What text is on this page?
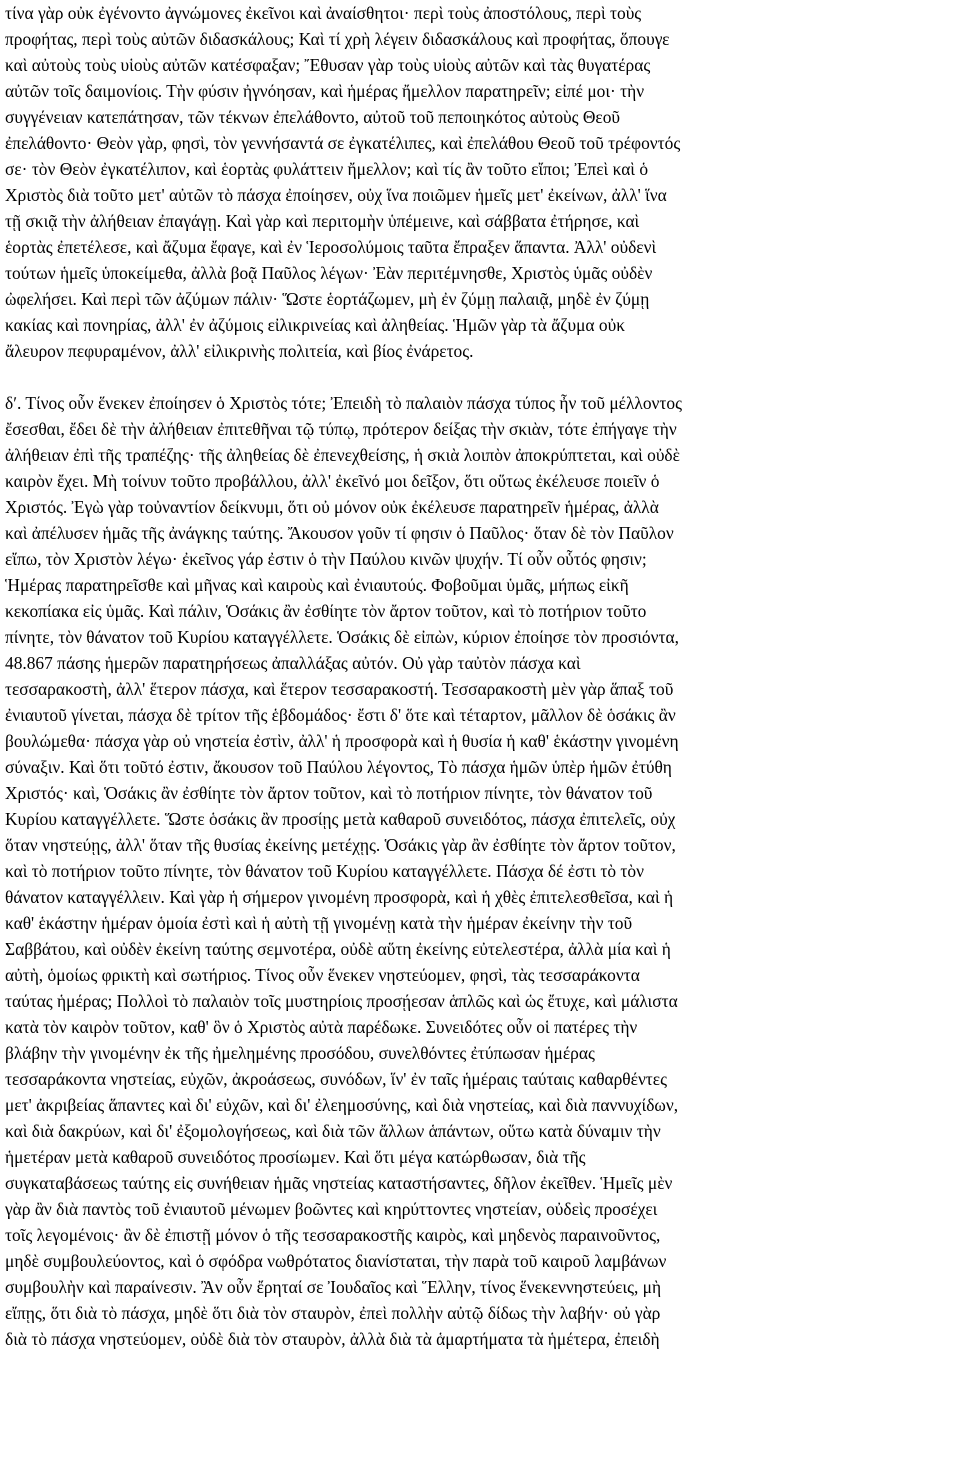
τίνα γὰρ οὐκ ἐγένοντο ἀγνώμονες ἐκεῖνοι καὶ ἀναίσθητοι· περὶ τοὺς ἀποστόλους, περὶ τοὺς
προφήτας, περὶ τοὺς αὐτῶν διδασκάλους; Καὶ τί χρὴ λέγειν διδασκάλους καὶ προφήτας, ὅπουγε
καὶ αὐτοὺς τοὺς υἱοὺς αὐτῶν κατέσφαξαν; Ἔθυσαν γὰρ τοὺς υἱοὺς αὐτῶν καὶ τὰς θυγατέρας
αὐτῶν τοῖς δαιμονίοις. Τὴν φύσιν ἠγνόησαν, καὶ ἡμέρας ἤμελλον παρατηρεῖν; εἰπέ μοι· τὴν
συγγένειαν κατεπάτησαν, τῶν τέκνων ἐπελάθοντο, αὐτοῦ τοῦ πεποιηκότος αὐτοὺς Θεοῦ
ἐπελάθοντο· Θεὸν γὰρ, φησὶ, τὸν γεννήσαντά σε ἐγκατέλιπες, καὶ ἐπελάθου Θεοῦ τοῦ τρέφοντός
σε· τὸν Θεὸν ἐγκατέλιπον, καὶ ἑορτὰς φυλάττειν ἤμελλον; καὶ τίς ἂν τοῦτο εἴποι; Ἐπεὶ καὶ ὁ
Χριστὸς διὰ τοῦτο μετ' αὐτῶν τὸ πάσχα ἐποίησεν, οὐχ ἵνα ποιῶμεν ἡμεῖς μετ' ἐκείνων, ἀλλ' ἵνα
τῇ σκιᾷ τὴν ἀλήθειαν ἐπαγάγῃ. Καὶ γὰρ καὶ περιτομὴν ὑπέμεινε, καὶ σάββατα ἐτήρησε, καὶ
ἑορτὰς ἐπετέλεσε, καὶ ἄζυμα ἔφαγε, καὶ ἐν Ἱεροσολύμοις ταῦτα ἔπραξεν ἅπαντα. Ἀλλ' οὐδενὶ
τούτων ἡμεῖς ὑποκείμεθα, ἀλλὰ βοᾷ Παῦλος λέγων· Ἐὰν περιτέμνησθε, Χριστὸς ὑμᾶς οὐδὲν
ὠφελήσει. Καὶ περὶ τῶν ἀζύμων πάλιν· Ὥστε ἑορτάζωμεν, μὴ ἐν ζύμῃ παλαιᾷ, μηδὲ ἐν ζύμῃ
κακίας καὶ πονηρίας, ἀλλ' ἐν ἀζύμοις εἰλικρινείας καὶ ἀληθείας. Ἡμῶν γὰρ τὰ ἄζυμα οὐκ
ἄλευρον πεφυραμένον, ἀλλ' εἰλικρινὴς πολιτεία, καὶ βίος ἐνάρετος.
δʹ. Τίνος οὖν ἕνεκεν ἐποίησεν ὁ Χριστὸς τότε; Ἐπειδὴ τὸ παλαιὸν πάσχα τύπος ἦν τοῦ μέλλοντος
ἔσεσθαι, ἔδει δὲ τὴν ἀλήθειαν ἐπιτεθῆναι τῷ τύπῳ, πρότερον δείξας τὴν σκιὰν, τότε ἐπήγαγε τὴν
ἀλήθειαν ἐπὶ τῆς τραπέζης· τῆς ἀληθείας δὲ ἐπενεχθείσης, ἡ σκιὰ λοιπὸν ἀποκρύπτεται, καὶ οὐδὲ
καιρὸν ἔχει. Μὴ τοίνυν τοῦτο προβάλλου, ἀλλ' ἐκεῖνό μοι δεῖξον, ὅτι οὕτως ἐκέλευσε ποιεῖν ὁ
Χριστός. Ἐγὼ γὰρ τοὐναντίον δείκνυμι, ὅτι οὐ μόνον οὐκ ἐκέλευσε παρατηρεῖν ἡμέρας, ἀλλὰ
καὶ ἀπέλυσεν ἡμᾶς τῆς ἀνάγκης ταύτης. Ἄκουσον γοῦν τί φησιν ὁ Παῦλος· ὅταν δὲ τὸν Παῦλον
εἴπω, τὸν Χριστὸν λέγω· ἐκεῖνος γάρ ἐστιν ὁ τὴν Παύλου κινῶν ψυχήν. Τί οὖν οὗτός φησιν;
Ἡμέρας παρατηρεῖσθε καὶ μῆνας καὶ καιροὺς καὶ ἐνιαυτούς. Φοβοῦμαι ὑμᾶς, μήπως εἰκῆ
κεκοπίακα εἰς ὑμᾶς. Καὶ πάλιν, Ὁσάκις ἂν ἐσθίητε τὸν ἄρτον τοῦτον, καὶ τὸ ποτήριον τοῦτο
πίνητε, τὸν θάνατον τοῦ Κυρίου καταγγέλλετε. Ὁσάκις δὲ εἰπὼν, κύριον ἐποίησε τὸν προσιόντα,
48.867 πάσης ἡμερῶν παρατηρήσεως ἀπαλλάξας αὐτόν. Οὐ γὰρ ταὐτὸν πάσχα καὶ
τεσσαρακοστὴ, ἀλλ' ἕτερον πάσχα, καὶ ἕτερον τεσσαρακοστή. Τεσσαρακοστὴ μὲν γὰρ ἅπαξ τοῦ
ἐνιαυτοῦ γίνεται, πάσχα δὲ τρίτον τῆς ἑβδομάδος· ἔστι δ' ὅτε καὶ τέταρτον, μᾶλλον δὲ ὁσάκις ἂν
βουλώμεθα· πάσχα γὰρ οὐ νηστεία ἐστὶν, ἀλλ' ἡ προσφορὰ καὶ ἡ θυσία ἡ καθ' ἑκάστην γινομένη
σύναξιν. Καὶ ὅτι τοῦτό ἐστιν, ἄκουσον τοῦ Παύλου λέγοντος, Τὸ πάσχα ἡμῶν ὑπὲρ ἡμῶν ἐτύθη
Χριστός· καὶ, Ὁσάκις ἂν ἐσθίητε τὸν ἄρτον τοῦτον, καὶ τὸ ποτήριον πίνητε, τὸν θάνατον τοῦ
Κυρίου καταγγέλλετε. Ὥστε ὁσάκις ἂν προσίῃς μετὰ καθαροῦ συνειδότος, πάσχα ἐπιτελεῖς, οὐχ
ὅταν νηστεύῃς, ἀλλ' ὅταν τῆς θυσίας ἐκείνης μετέχῃς. Ὁσάκις γὰρ ἂν ἐσθίητε τὸν ἄρτον τοῦτον,
καὶ τὸ ποτήριον τοῦτο πίνητε, τὸν θάνατον τοῦ Κυρίου καταγγέλλετε. Πάσχα δέ ἐστι τὸ τὸν
θάνατον καταγγέλλειν. Καὶ γὰρ ἡ σήμερον γινομένη προσφορὰ, καὶ ἡ χθὲς ἐπιτελεσθεῖσα, καὶ ἡ
καθ' ἑκάστην ἡμέραν ὁμοία ἐστὶ καὶ ἡ αὐτὴ τῇ γινομένῃ κατὰ τὴν ἡμέραν ἐκείνην τὴν τοῦ
Σαββάτου, καὶ οὐδὲν ἐκείνη ταύτης σεμνοτέρα, οὐδὲ αὕτη ἐκείνης εὐτελεστέρα, ἀλλὰ μία καὶ ἡ
αὐτὴ, ὁμοίως φρικτὴ καὶ σωτήριος. Τίνος οὖν ἕνεκεν νηστεύομεν, φησὶ, τὰς τεσσαράκοντα
ταύτας ἡμέρας; Πολλοὶ τὸ παλαιὸν τοῖς μυστηρίοις προσῄεσαν ἁπλῶς καὶ ὡς ἔτυχε, καὶ μάλιστα
κατὰ τὸν καιρὸν τοῦτον, καθ' ὃν ὁ Χριστὸς αὐτὰ παρέδωκε. Συνειδότες οὖν οἱ πατέρες τὴν
βλάβην τὴν γινομένην ἐκ τῆς ἠμελημένης προσόδου, συνελθόντες ἐτύπωσαν ἡμέρας
τεσσαράκοντα νηστείας, εὐχῶν, ἀκροάσεως, συνόδων, ἵν' ἐν ταῖς ἡμέραις ταύταις καθαρθέντες
μετ' ἀκριβείας ἅπαντες καὶ δι' εὐχῶν, καὶ δι' ἐλεημοσύνης, καὶ διὰ νηστείας, καὶ διὰ παννυχίδων,
καὶ διὰ δακρύων, καὶ δι' ἐξομολογήσεως, καὶ διὰ τῶν ἄλλων ἁπάντων, οὕτω κατὰ δύναμιν τὴν
ἡμετέραν μετὰ καθαροῦ συνειδότος προσίωμεν. Καὶ ὅτι μέγα κατώρθωσαν, διὰ τῆς
συγκαταβάσεως ταύτης εἰς συνήθειαν ἡμᾶς νηστείας καταστήσαντες, δῆλον ἐκεῖθεν. Ἡμεῖς μὲν
γὰρ ἂν διὰ παντὸς τοῦ ἐνιαυτοῦ μένωμεν βοῶντες καὶ κηρύττοντες νηστείαν, οὐδεὶς προσέχει
τοῖς λεγομένοις· ἂν δὲ ἐπιστῇ μόνον ὁ τῆς τεσσαρακοστῆς καιρὸς, καὶ μηδενὸς παραινοῦντος,
μηδὲ συμβουλεύοντος, καὶ ὁ σφόδρα νωθρότατος διανίσταται, τὴν παρὰ τοῦ καιροῦ λαμβάνων
συμβουλὴν καὶ παραίνεσιν. Ἂν οὖν ἔρηταί σε Ἰουδαῖος καὶ Ἕλλην, τίνος ἕνεκεννηστεύεις, μὴ
εἴπῃς, ὅτι διὰ τὸ πάσχα, μηδὲ ὅτι διὰ τὸν σταυρὸν, ἐπεὶ πολλὴν αὐτῷ δίδως τὴν λαβήν· οὐ γὰρ
διὰ τὸ πάσχα νηστεύομεν, οὐδὲ διὰ τὸν σταυρὸν, ἀλλὰ διὰ τὰ ἁμαρτήματα τὰ ἡμέτερα, ἐπειδὴ
